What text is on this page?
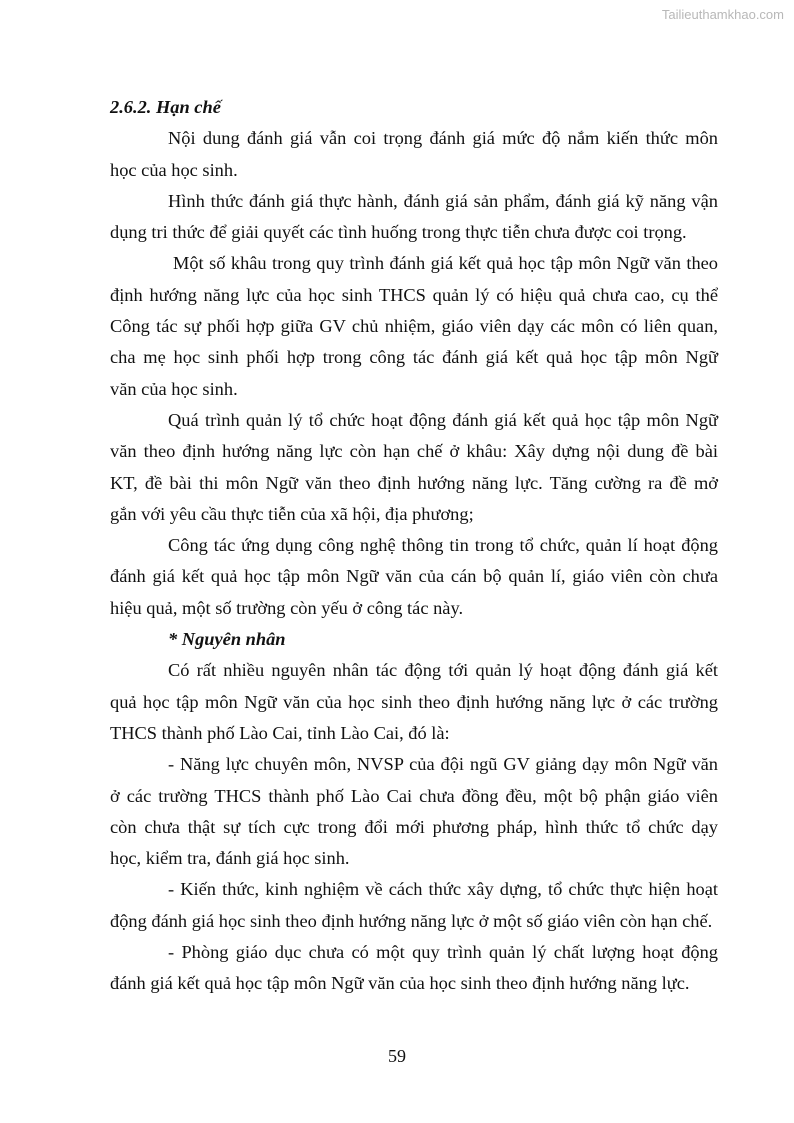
Tailieuthamkhao.com
2.6.2. Hạn chế
Nội dung đánh giá vẫn coi trọng đánh giá mức độ nắm kiến thức môn
học của học sinh.
Hình thức đánh giá thực hành, đánh giá sản phẩm, đánh giá kỹ năng vận
dụng tri thức để giải quyết các tình huống trong thực tiễn chưa được coi trọng.
Một số khâu trong quy trình đánh giá kết quả học tập môn Ngữ văn theo
định hướng năng lực của học sinh THCS quản lý có hiệu quả chưa cao, cụ thể
Công tác sự phối hợp giữa GV chủ nhiệm, giáo viên dạy các môn có liên quan,
cha mẹ học sinh phối hợp trong công tác đánh giá kết quả học tập môn Ngữ
văn của học sinh.
Quá trình quản lý tổ chức hoạt động đánh giá kết quả học tập môn Ngữ
văn theo định hướng năng lực còn hạn chế ở khâu: Xây dựng nội dung đề bài
KT, đề bài thi môn Ngữ văn theo định hướng năng lực. Tăng cường ra đề mở
gắn với yêu cầu thực tiễn của xã hội, địa phương;
Công tác ứng dụng công nghệ thông tin trong tổ chức, quản lí hoạt động
đánh giá kết quả học tập môn Ngữ văn của cán bộ quản lí, giáo viên còn chưa
hiệu quả, một số trường còn yếu ở công tác này.
* Nguyên nhân
Có rất nhiều nguyên nhân tác động tới quản lý hoạt động đánh giá kết
quả học tập môn Ngữ văn của học sinh theo định hướng năng lực ở các trường
THCS thành phố Lào Cai, tỉnh Lào Cai, đó là:
- Năng lực chuyên môn, NVSP của đội ngũ GV giảng dạy môn Ngữ văn
ở các trường THCS thành phố Lào Cai chưa đồng đều, một bộ phận giáo viên
còn chưa thật sự tích cực trong đổi mới phương pháp, hình thức tổ chức dạy
học, kiểm tra, đánh giá học sinh.
- Kiến thức, kinh nghiệm về cách thức xây dựng, tổ chức thực hiện hoạt
động đánh giá học sinh theo định hướng năng lực ở một số giáo viên còn hạn chế.
- Phòng giáo dục chưa có một quy trình quản lý chất lượng hoạt động
đánh giá kết quả học tập môn Ngữ văn của học sinh theo định hướng năng lực.
59
